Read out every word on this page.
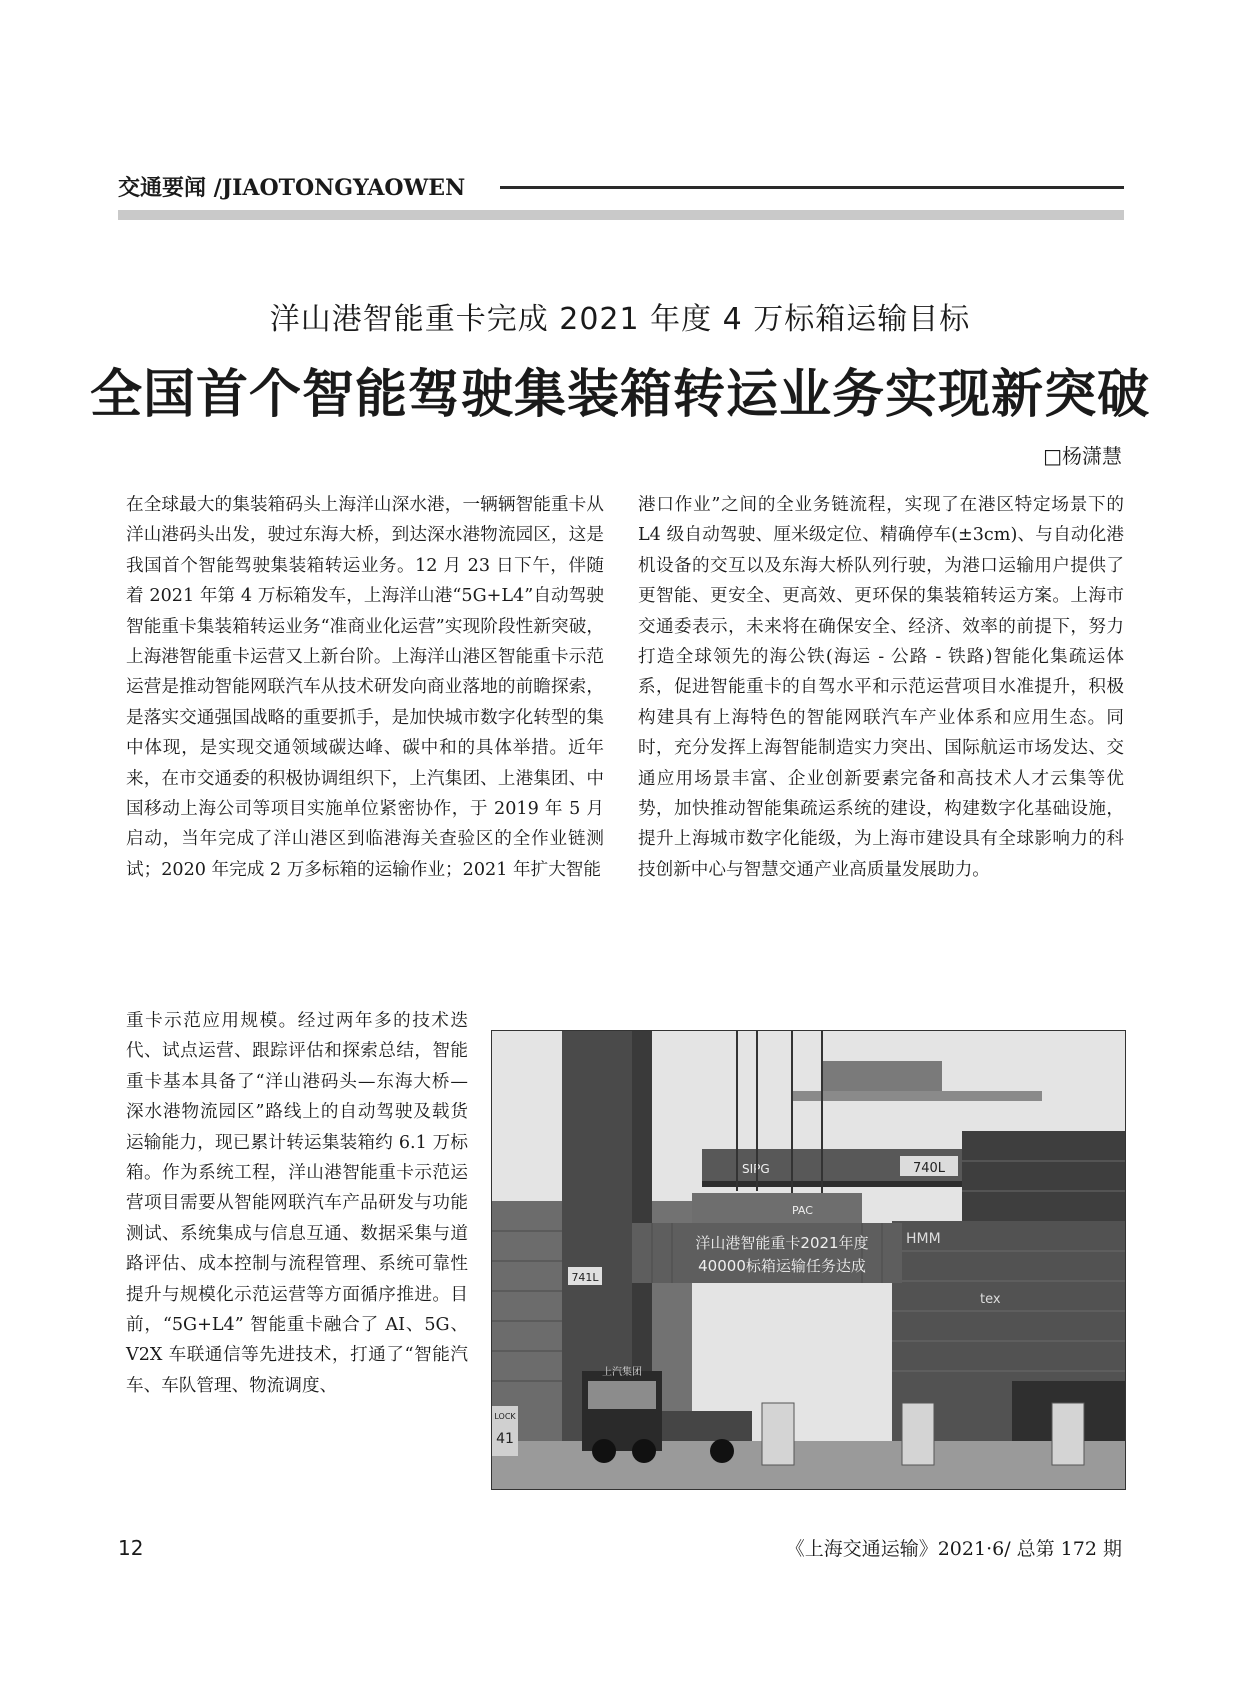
交通要闻 /JIAOTONGYAOWEN
洋山港智能重卡完成 2021 年度 4 万标箱运输目标
全国首个智能驾驶集装箱转运业务实现新突破
□杨潇慧

在全球最大的集装箱码头上海洋山深水港，一辆辆智能重卡从洋山港码头出发，驶过东海大桥，到达深水港物流园区，这是我国首个智能驾驶集装箱转运业务。12 月 23 日下午，伴随着 2021 年第 4 万标箱发车，上海洋山港“5G+L4”自动驾驶智能重卡集装箱转运业务“准商业化运营”实现阶段性新突破，上海港智能重卡运营又上新台阶。上海洋山港区智能重卡示范运营是推动智能网联汽车从技术研发向商业落地的前瞻探索，是落实交通强国战略的重要抓手，是加快城市数字化转型的集中体现，是实现交通领域碳达峰、碳中和的具体举措。近年来，在市交通委的积极协调组织下，上汽集团、上港集团、中国移动上海公司等项目实施单位紧密协作，于 2019 年 5 月启动，当年完成了洋山港区到临港海关查验区的全作业链测试；2020 年完成 2 万多标箱的运输作业；2021 年扩大智能

重卡示范应用规模。经过两年多的技术迭代、试点运营、跟踪评估和探索总结，智能重卡基本具备了“洋山港码头—东海大桥—深水港物流园区”路线上的自动驾驶及载货运输能力，现已累计转运集装箱约 6.1 万标箱。作为系统工程，洋山港智能重卡示范运营项目需要从智能网联汽车产品研发与功能测试、系统集成与信息互通、数据采集与道路评估、成本控制与流程管理、系统可靠性提升与规模化示范运营等方面循序推进。目前，“5G+L4” 智能重卡融合了 AI、5G、V2X 车联通信等先进技术，打通了“智能汽车、车队管理、物流调度、

港口作业”之间的全业务链流程，实现了在港区特定场景下的 L4 级自动驾驶、厘米级定位、精确停车(±3cm)、与自动化港机设备的交互以及东海大桥队列行驶，为港口运输用户提供了更智能、更安全、更高效、更环保的集装箱转运方案。上海市交通委表示，未来将在确保安全、经济、效率的前提下，努力打造全球领先的海公铁(海运 - 公路 - 铁路)智能化集疏运体系，促进智能重卡的自驾水平和示范运营项目水准提升，积极构建具有上海特色的智能网联汽车产业体系和应用生态。同时，充分发挥上海智能制造实力突出、国际航运市场发达、交通应用场景丰富、企业创新要素完备和高技术人才云集等优势，加快推动智能集疏运系统的建设，构建数字化基础设施，提升上海城市数字化能级，为上海市建设具有全球影响力的科技创新中心与智慧交通产业高质量发展助力。

740L
SIPG
741L
HMM
tex
PAC
洋山港智能重卡2021年度
40000标箱运输任务达成
上汽集团
LOCK
41
12	《上海交通运输》2021·6/ 总第 172 期
